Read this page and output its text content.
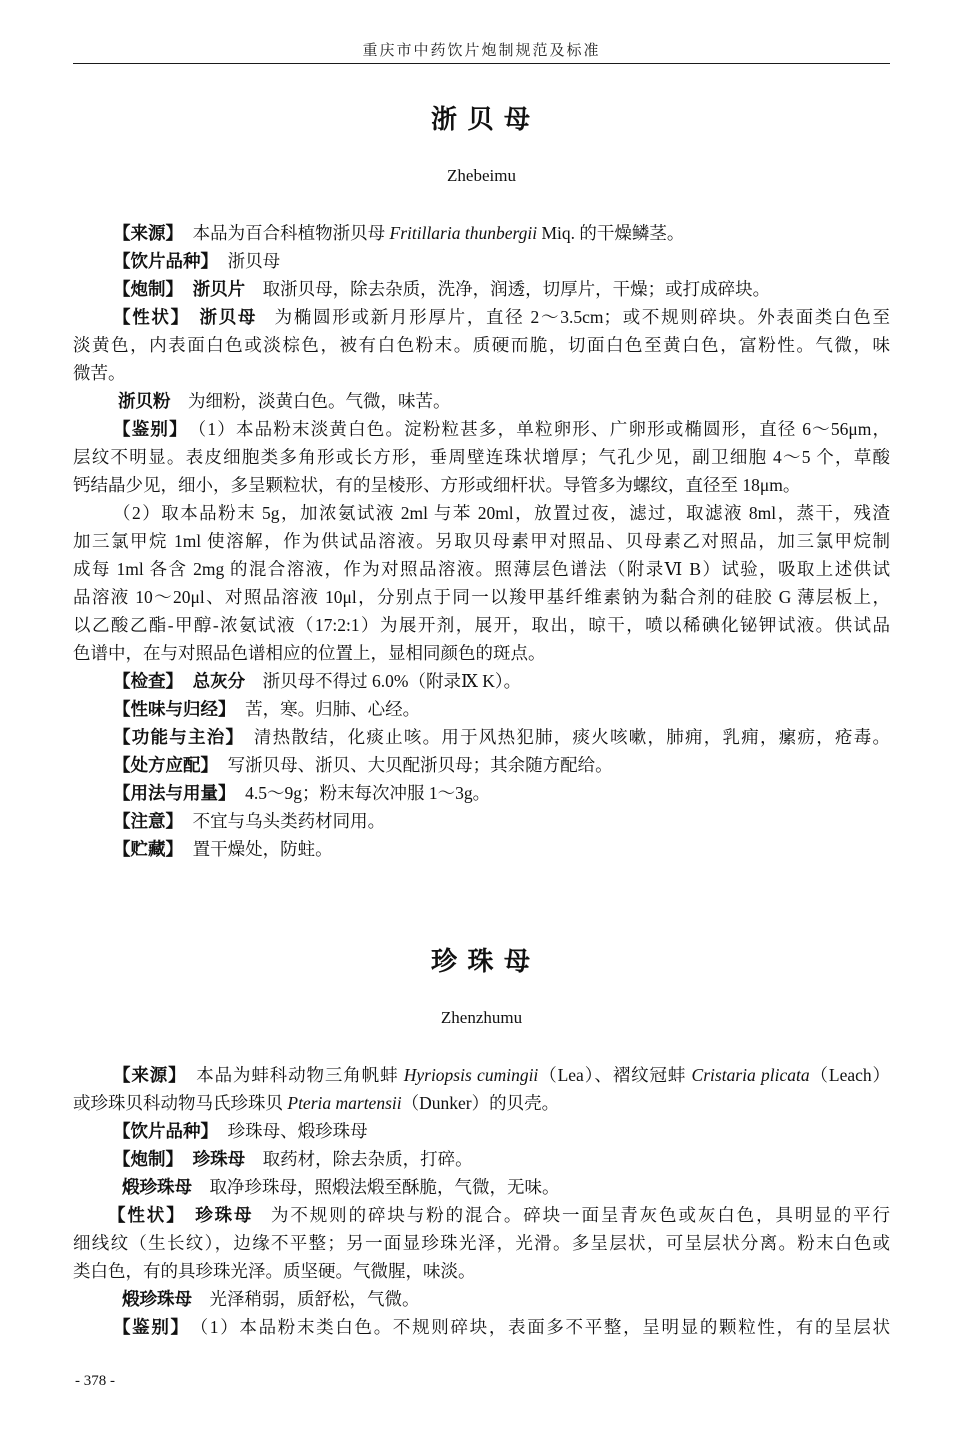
重庆市中药饮片炮制规范及标准
浙 贝 母
Zhebeimu
【来源】 本品为百合科植物浙贝母 Fritillaria thunbergii Miq. 的干燥鳞茎。
【饮片品种】 浙贝母
【炮制】 浙贝片 取浙贝母，除去杂质，洗净，润透，切厚片，干燥；或打成碎块。
【性状】 浙贝母 为椭圆形或新月形厚片，直径 2～3.5cm；或不规则碎块。外表面类白色至
淡黄色，内表面白色或淡棕色，被有白色粉末。质硬而脆，切面白色至黄白色，富粉性。气微，味
微苦。
浙贝粉 为细粉，淡黄白色。气微，味苦。
【鉴别】 （1）本品粉末淡黄白色。淀粉粒甚多，单粒卵形、广卵形或椭圆形，直径 6～56μm，
层纹不明显。表皮细胞类多角形或长方形，垂周壁连珠状增厚；气孔少见，副卫细胞 4～5 个，草酸
钙结晶少见，细小，多呈颗粒状，有的呈棱形、方形或细杆状。导管多为螺纹，直径至 18μm。
（2）取本品粉末 5g，加浓氨试液 2ml 与苯 20ml，放置过夜，滤过，取滤液 8ml，蒸干，残渣
加三氯甲烷 1ml 使溶解，作为供试品溶液。另取贝母素甲对照品、贝母素乙对照品，加三氯甲烷制
成每 1ml 各含 2mg 的混合溶液，作为对照品溶液。照薄层色谱法（附录Ⅵ B）试验，吸取上述供试
品溶液 10～20μl、对照品溶液 10μl，分别点于同一以羧甲基纤维素钠为黏合剂的硅胶 G 薄层板上，
以乙酸乙酯-甲醇-浓氨试液（17:2:1）为展开剂，展开，取出，晾干，喷以稀碘化铋钾试液。供试品
色谱中，在与对照品色谱相应的位置上，显相同颜色的斑点。
【检查】 总灰分 浙贝母不得过 6.0%（附录Ⅸ K）。
【性味与归经】 苦，寒。归肺、心经。
【功能与主治】 清热散结，化痰止咳。用于风热犯肺，痰火咳嗽，肺痈，乳痈，瘰疬，疮毒。
【处方应配】 写浙贝母、浙贝、大贝配浙贝母；其余随方配给。
【用法与用量】 4.5～9g；粉末每次冲服 1～3g。
【注意】 不宜与乌头类药材同用。
【贮藏】 置干燥处，防蛀。
珍 珠 母
Zhenzhumu
【来源】 本品为蚌科动物三角帆蚌 Hyriopsis cumingii（Lea）、褶纹冠蚌 Cristaria plicata（Leach）
或珍珠贝科动物马氏珍珠贝 Pteria martensii（Dunker）的贝壳。
【饮片品种】 珍珠母、煅珍珠母
【炮制】 珍珠母 取药材，除去杂质，打碎。
煅珍珠母 取净珍珠母，照煅法煅至酥脆，气微，无味。
【性状】 珍珠母 为不规则的碎块与粉的混合。碎块一面呈青灰色或灰白色，具明显的平行
细线纹（生长纹），边缘不平整；另一面显珍珠光泽，光滑。多呈层状，可呈层状分离。粉末白色或
类白色，有的具珍珠光泽。质坚硬。气微腥，味淡。
煅珍珠母 光泽稍弱，质舒松，气微。
【鉴别】 （1）本品粉末类白色。不规则碎块，表面多不平整，呈明显的颗粒性，有的呈层状
- 378 -
